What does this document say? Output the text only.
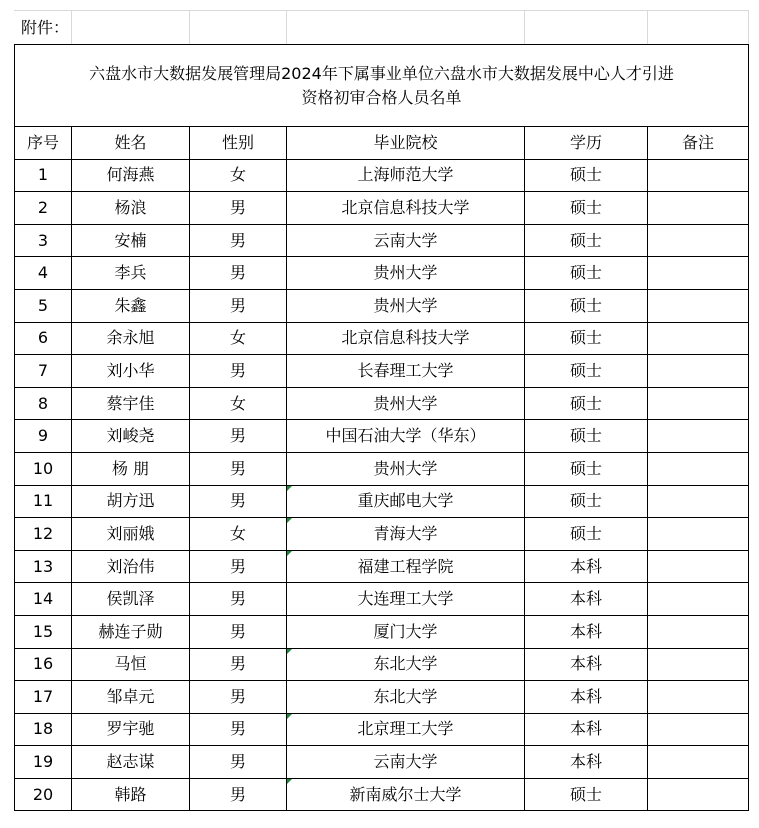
附件：					

六盘水市大数据发展管理局2024年下属事业单位六盘水市大数据发展中心人才引进
资格初审合格人员名单					

序号	姓名	性别	毕业院校	学历	备注
1	何海燕	女	上海师范大学	硕士	
2	杨浪	男	北京信息科技大学	硕士	
3	安楠	男	云南大学	硕士	
4	李兵	男	贵州大学	硕士	
5	朱鑫	男	贵州大学	硕士	
6	余永旭	女	北京信息科技大学	硕士	
7	刘小华	男	长春理工大学	硕士	
8	蔡宇佳	女	贵州大学	硕士	
9	刘峻尧	男	中国石油大学（华东）	硕士	
10	杨 朋	男	贵州大学	硕士	
11	胡方迅	男	重庆邮电大学	硕士	
12	刘丽娥	女	青海大学	硕士	
13	刘治伟	男	福建工程学院	本科	
14	侯凯泽	男	大连理工大学	本科	
15	赫连子勋	男	厦门大学	本科	
16	马恒	男	东北大学	本科	
17	邹卓元	男	东北大学	本科	
18	罗宇驰	男	北京理工大学	本科	
19	赵志谋	男	云南大学	本科	
20	韩路	男	新南威尔士大学	硕士	
